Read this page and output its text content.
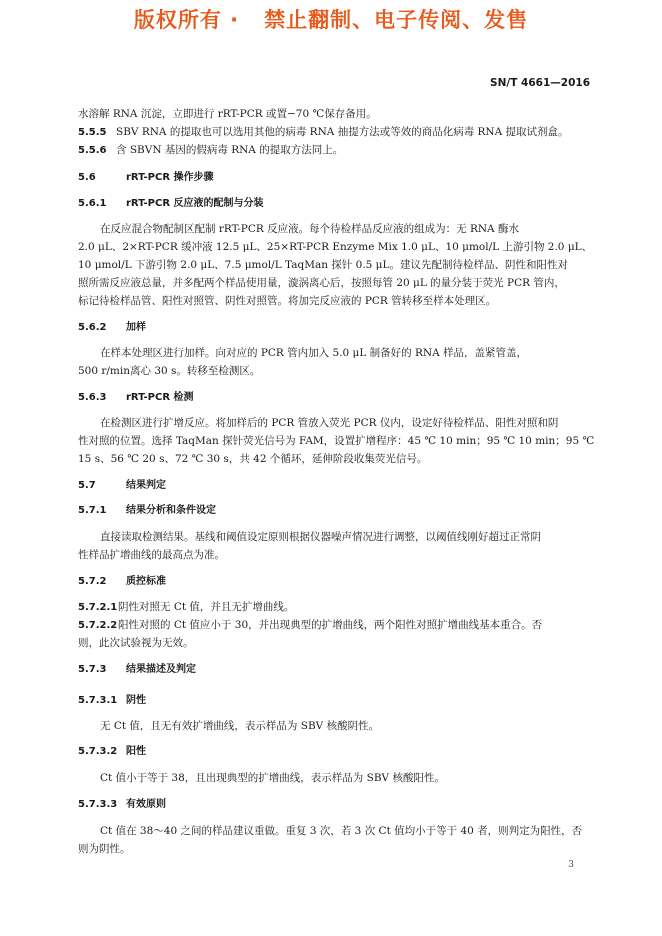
版权所有 ·   禁止翻制、电子传阅、发售
SN/T 4661—2016
水溶解 RNA 沉淀，立即进行 rRT-PCR 或置−70 ℃保存备用。
5.5.5 SBV RNA 的提取也可以选用其他的病毒 RNA 抽提方法或等效的商品化病毒 RNA 提取试剂盒。
5.5.6 含 SBVN 基因的假病毒 RNA 的提取方法同上。
5.6	rRT-PCR 操作步骤
5.6.1 rRT-PCR 反应液的配制与分装
在反应混合物配制区配制 rRT-PCR 反应液。每个待检样品反应液的组成为：无 RNA 酶水
2.0 μL、2×RT-PCR 缓冲液 12.5 μL、25×RT-PCR Enzyme Mix 1.0 μL、10 μmol/L 上游引物 2.0 μL、
10 μmol/L 下游引物 2.0 μL、7.5 μmol/L TaqMan 探针 0.5 μL。建议先配制待检样品、阴性和阳性对
照所需反应液总量，并多配两个样品使用量，漩涡离心后，按照每管 20 μL 的量分装于荧光 PCR 管内，
标记待检样品管、阳性对照管、阴性对照管。将加完反应液的 PCR 管转移至样本处理区。
5.6.2 加样
在样本处理区进行加样。向对应的 PCR 管内加入 5.0 μL 制备好的 RNA 样品，盖紧管盖，
500 r/min离心 30 s。转移至检测区。
5.6.3 rRT-PCR 检测
在检测区进行扩增反应。将加样后的 PCR 管放入荧光 PCR 仪内，设定好待检样品、阳性对照和阴
性对照的位置。选择 TaqMan 探针荧光信号为 FAM，设置扩增程序：45 ℃ 10 min；95 ℃ 10 min；95 ℃
15 s、56 ℃ 20 s、72 ℃ 30 s，共 42 个循环，延伸阶段收集荧光信号。
5.7	结果判定
5.7.1 结果分析和条件设定
直接读取检测结果。基线和阈值设定原则根据仪器噪声情况进行调整，以阈值线刚好超过正常阴
性样品扩增曲线的最高点为准。
5.7.2 质控标准
5.7.2.1阴性对照无 Ct 值，并且无扩增曲线。
5.7.2.2阳性对照的 Ct 值应小于 30，并出现典型的扩增曲线，两个阳性对照扩增曲线基本重合。否
则，此次试验视为无效。
5.7.3 结果描述及判定
5.7.3.1 阴性
无 Ct 值，且无有效扩增曲线，表示样品为 SBV 核酸阴性。
5.7.3.2 阳性
Ct 值小于等于 38，且出现典型的扩增曲线，表示样品为 SBV 核酸阳性。
5.7.3.3 有效原则
Ct 值在 38～40 之间的样品建议重做。重复 3 次，若 3 次 Ct 值均小于等于 40 者，则判定为阳性，否
则为阴性。
3
